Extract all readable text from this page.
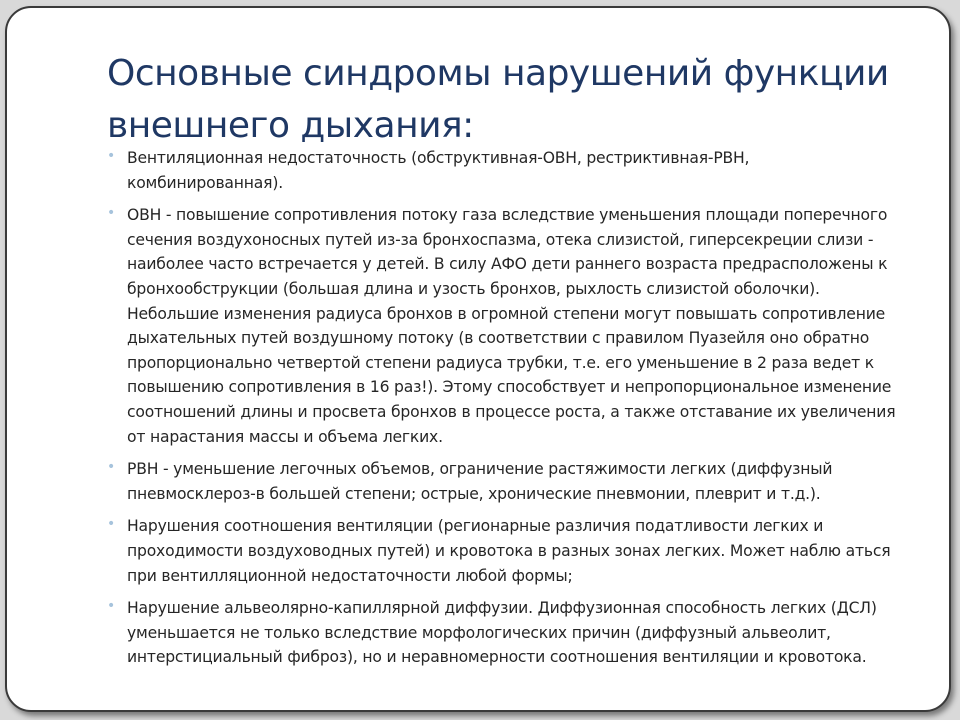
Основные синдромы нарушений функции внешнего дыхания:
• Вентиляционная недостаточность (обструктивная-ОВН, рестриктивная-РВН, комбинированная).
• ОВН - повышение сопротивления потоку газа вследствие уменьшения площади поперечного сечения воздухоносных путей из-за бронхоспазма, отека слизистой, гиперсекреции слизи - наиболее часто встречается у детей. В силу АФО дети раннего возраста предрасположены к бронхообструкции (большая длина и узость бронхов, рыхлость слизистой оболочки). Небольшие изменения радиуса бронхов в огромной степени могут повышать сопротивление дыхательных путей воздушному потоку (в соответствии с правилом Пуазейля оно обратно пропорционально четвертой степени радиуса трубки, т.е. его уменьшение в 2 раза ведет к повышению сопротивления в 16 раз!). Этому способствует и непропорциональное изменение соотношений длины и просвета бронхов в процессе роста, а также отставание их увеличения от нарастания массы и объема легких.
• РВН - уменьшение легочных объемов, ограничение растяжимости легких (диффузный пневмосклероз-в большей степени; острые, хронические пневмонии, плеврит и т.д.).
• Нарушения соотношения вентиляции (регионарные различия податливости легких и проходимости воздуховодных путей) и кровотока в разных зонах легких. Может наблю аться при вентилляционной недостаточности любой формы;
• Нарушение альвеолярно-капиллярной диффузии. Диффузионная способность легких (ДСЛ) уменьшается не только вследствие морфологических причин (диффузный альвеолит, интерстициальный фиброз), но и неравномерности соотношения вентиляции и кровотока.
